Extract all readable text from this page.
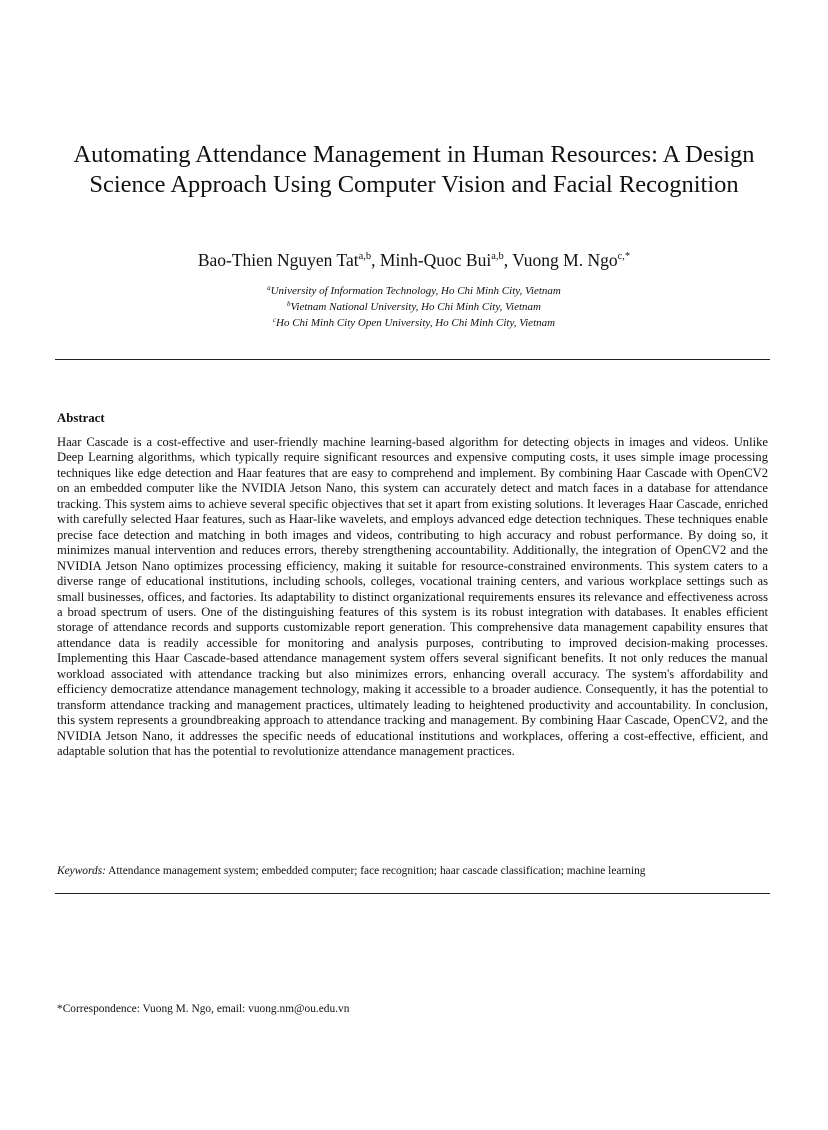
Automating Attendance Management in Human Resources: A Design Science Approach Using Computer Vision and Facial Recognition
Bao-Thien Nguyen Tat$^{a,b}$, Minh-Quoc Bui$^{a,b}$, Vuong M. Ngo$^{c,*}$
$^a$University of Information Technology, Ho Chi Minh City, Vietnam
$^b$Vietnam National University, Ho Chi Minh City, Vietnam
$^c$Ho Chi Minh City Open University, Ho Chi Minh City, Vietnam
Abstract

Haar Cascade is a cost-effective and user-friendly machine learning-based algorithm for detecting objects in images and videos. Unlike Deep Learning algorithms, which typically require significant resources and expensive computing costs, it uses simple image processing techniques like edge detection and Haar features that are easy to comprehend and implement. By combining Haar Cascade with OpenCV2 on an embedded computer like the NVIDIA Jetson Nano, this system can accurately detect and match faces in a database for attendance tracking. This system aims to achieve several specific objectives that set it apart from existing solutions. It leverages Haar Cascade, enriched with carefully selected Haar features, such as Haar-like wavelets, and employs advanced edge detection techniques. These techniques enable precise face detection and matching in both images and videos, contributing to high accuracy and robust performance. By doing so, it minimizes manual intervention and reduces errors, thereby strengthening accountability. Additionally, the integration of OpenCV2 and the NVIDIA Jetson Nano optimizes processing efficiency, making it suitable for resource-constrained environments. This system caters to a diverse range of educational institutions, including schools, colleges, vocational training centers, and various workplace settings such as small businesses, offices, and factories. Its adaptability to distinct organizational requirements ensures its relevance and effectiveness across a broad spectrum of users. One of the distinguishing features of this system is its robust integration with databases. It enables efficient storage of attendance records and supports customizable report generation. This comprehensive data management capability ensures that attendance data is readily accessible for monitoring and analysis purposes, contributing to improved decision-making processes. Implementing this Haar Cascade-based attendance management system offers several significant benefits. It not only reduces the manual workload associated with attendance tracking but also minimizes errors, enhancing overall accuracy. The system's affordability and efficiency democratize attendance management technology, making it accessible to a broader audience. Consequently, it has the potential to transform attendance tracking and management practices, ultimately leading to heightened productivity and accountability. In conclusion, this system represents a groundbreaking approach to attendance tracking and management. By combining Haar Cascade, OpenCV2, and the NVIDIA Jetson Nano, it addresses the specific needs of educational institutions and workplaces, offering a cost-effective, efficient, and adaptable solution that has the potential to revolutionize attendance management practices.

Keywords: Attendance management system; embedded computer; face recognition; haar cascade classification; machine learning
*Correspondence: Vuong M. Ngo, email: vuong.nm@ou.edu.vn
